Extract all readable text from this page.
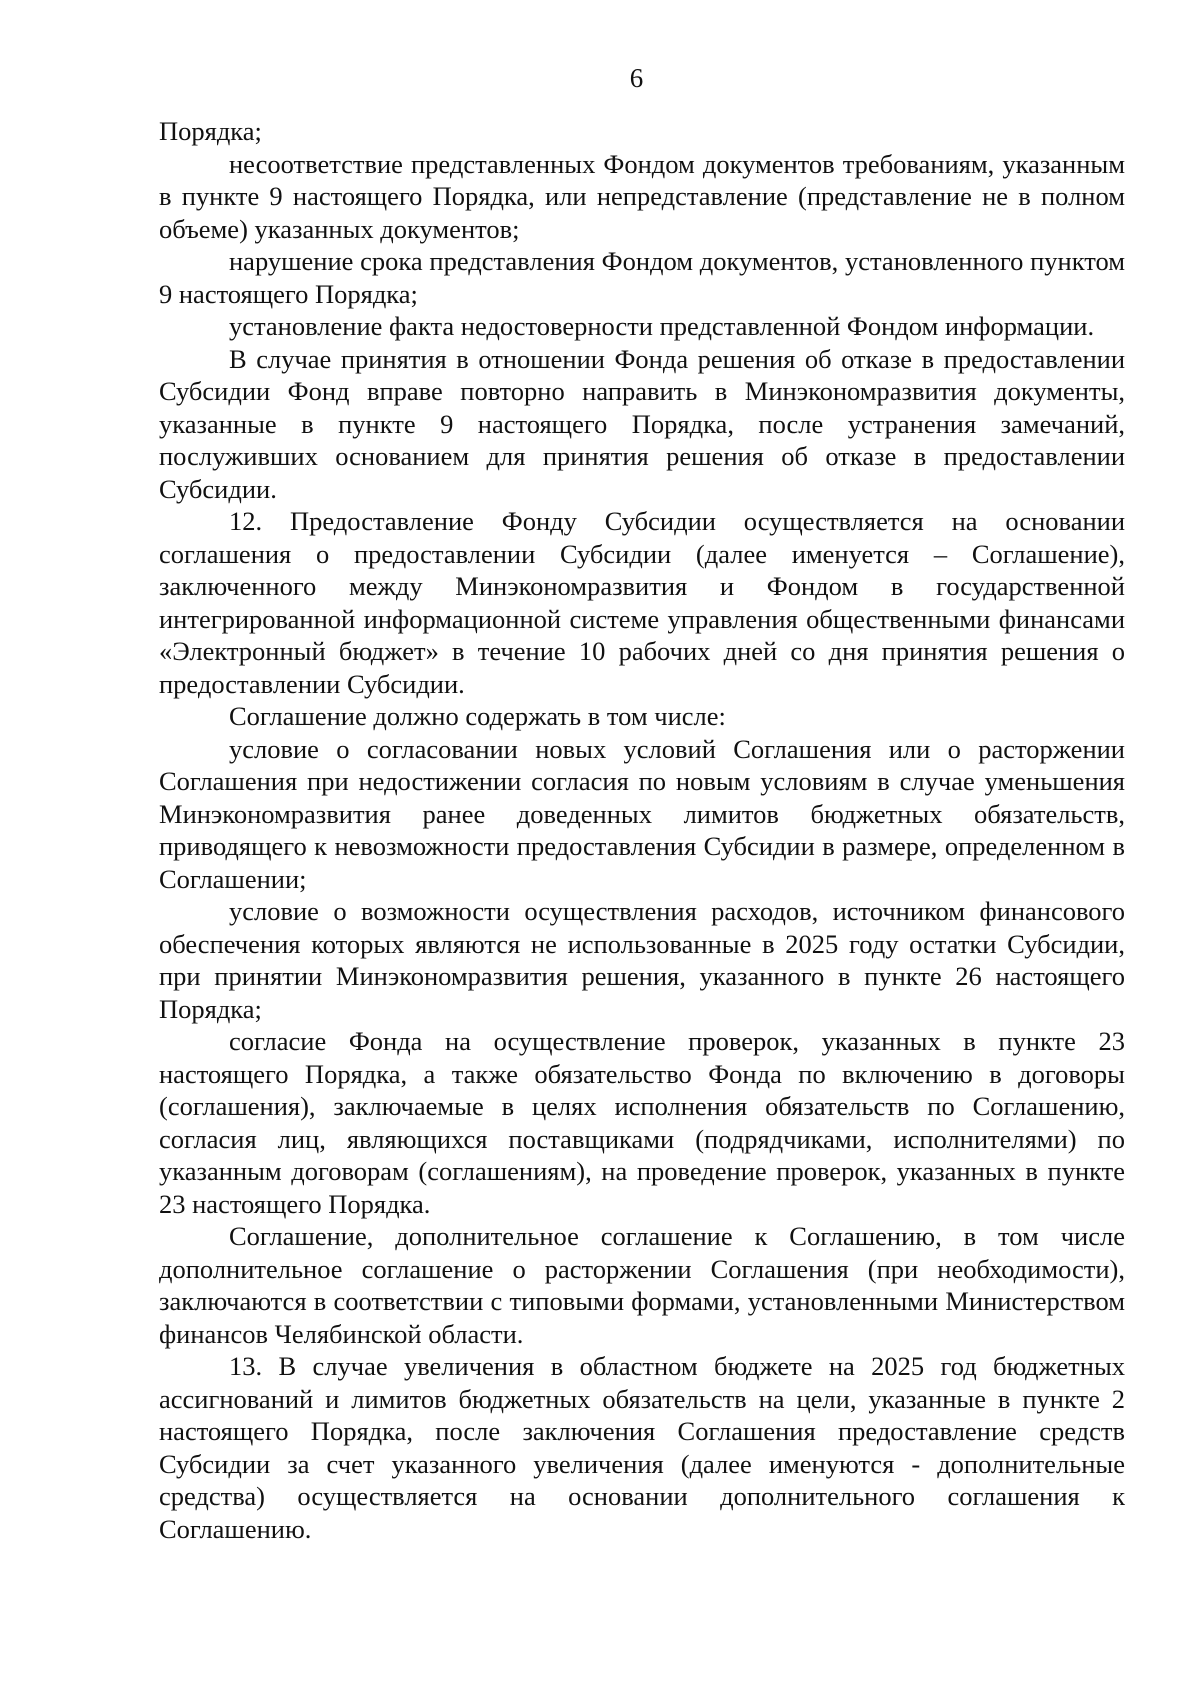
6

Порядка;

несоответствие представленных Фондом документов требованиям, указанным в пункте 9 настоящего Порядка, или непредставление (представление не в полном объеме) указанных документов;

нарушение срока представления Фондом документов, установленного пунктом 9 настоящего Порядка;

установление факта недостоверности представленной Фондом информации.

В случае принятия в отношении Фонда решения об отказе в предоставлении Субсидии Фонд вправе повторно направить в Минэкономразвития документы, указанные в пункте 9 настоящего Порядка, после устранения замечаний, послуживших основанием для принятия решения об отказе в предоставлении Субсидии.

12. Предоставление Фонду Субсидии осуществляется на основании соглашения о предоставлении Субсидии (далее именуется – Соглашение), заключенного между Минэкономразвития и Фондом в государственной интегрированной информационной системе управления общественными финансами «Электронный бюджет» в течение 10 рабочих дней со дня принятия решения о предоставлении Субсидии.

Соглашение должно содержать в том числе:

условие о согласовании новых условий Соглашения или о расторжении Соглашения при недостижении согласия по новым условиям в случае уменьшения Минэкономразвития ранее доведенных лимитов бюджетных обязательств, приводящего к невозможности предоставления Субсидии в размере, определенном в Соглашении;

условие о возможности осуществления расходов, источником финансового обеспечения которых являются не использованные в 2025 году остатки Субсидии, при принятии Минэкономразвития решения, указанного в пункте 26 настоящего Порядка;

согласие Фонда на осуществление проверок, указанных в пункте 23 настоящего Порядка, а также обязательство Фонда по включению в договоры (соглашения), заключаемые в целях исполнения обязательств по Соглашению, согласия лиц, являющихся поставщиками (подрядчиками, исполнителями) по указанным договорам (соглашениям), на проведение проверок, указанных в пункте 23 настоящего Порядка.

Соглашение, дополнительное соглашение к Соглашению, в том числе дополнительное соглашение о расторжении Соглашения (при необходимости), заключаются в соответствии с типовыми формами, установленными Министерством финансов Челябинской области.

13. В случае увеличения в областном бюджете на 2025 год бюджетных ассигнований и лимитов бюджетных обязательств на цели, указанные в пункте 2 настоящего Порядка, после заключения Соглашения предоставление средств Субсидии за счет указанного увеличения (далее именуются - дополнительные средства) осуществляется на основании дополнительного соглашения к Соглашению.
